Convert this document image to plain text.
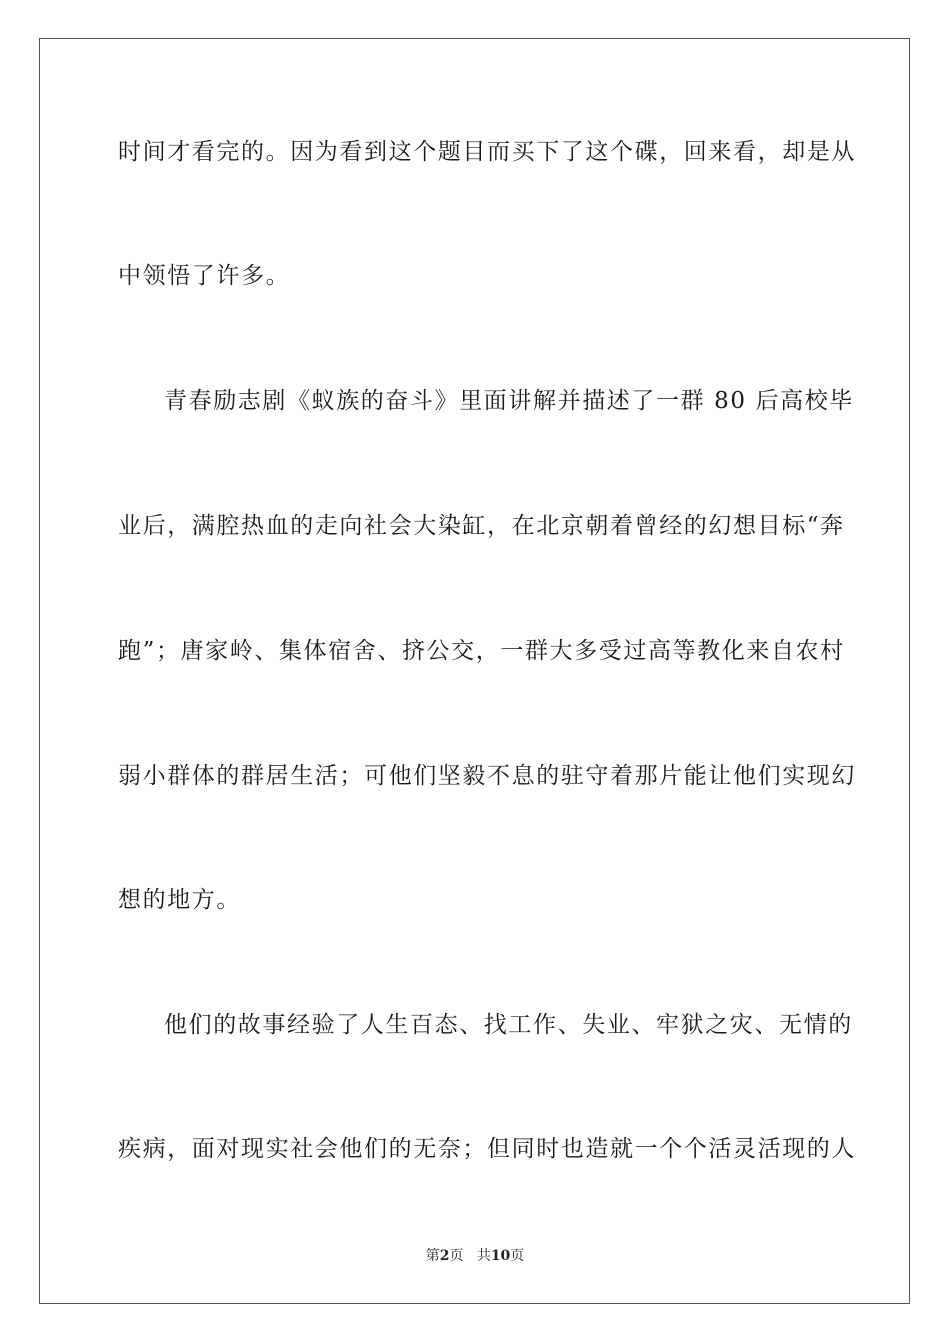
时间才看完的。因为看到这个题目而买下了这个碟，回来看，却是从
中领悟了许多。
青春励志剧《蚁族的奋斗》里面讲解并描述了一群 80 后高校毕
业后，满腔热血的走向社会大染缸，在北京朝着曾经的幻想目标“奔
跑”；唐家岭、集体宿舍、挤公交，一群大多受过高等教化来自农村
弱小群体的群居生活；可他们坚毅不息的驻守着那片能让他们实现幻
想的地方。
他们的故事经验了人生百态、找工作、失业、牢狱之灾、无情的
疾病，面对现实社会他们的无奈；但同时也造就一个个活灵活现的人
第2页 共10页
